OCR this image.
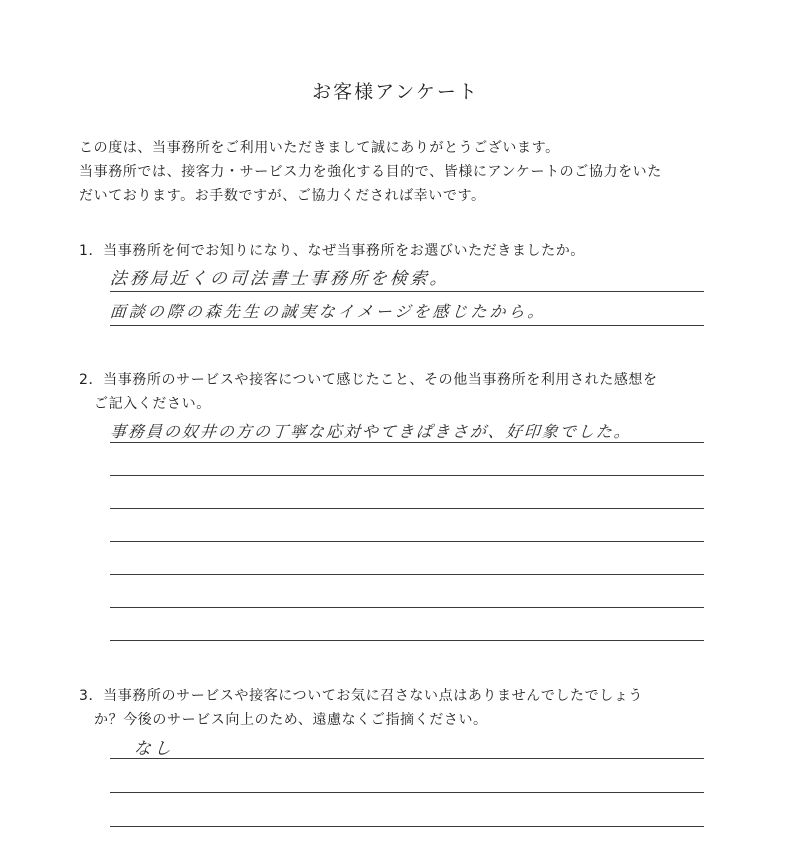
お客様アンケート
この度は、当事務所をご利用いただきまして誠にありがとうございます。
当事務所では、接客力・サービス力を強化する目的で、皆様にアンケートのご協力をいた
だいております。お手数ですが、ご協力くだされば幸いです。
1．当事務所を何でお知りになり、なぜ当事務所をお選びいただきましたか。
法務局近くの司法書士事務所を検索。
面談の際の森先生の誠実なイメージを感じたから。
2．当事務所のサービスや接客について感じたこと、その他当事務所を利用された感想を
ご記入ください。
事務員の奴井の方の丁寧な応対やてきぱきさが、好印象でした。
3．当事務所のサービスや接客についてお気に召さない点はありませんでしたでしょう
か？今後のサービス向上のため、遠慮なくご指摘ください。
なし
